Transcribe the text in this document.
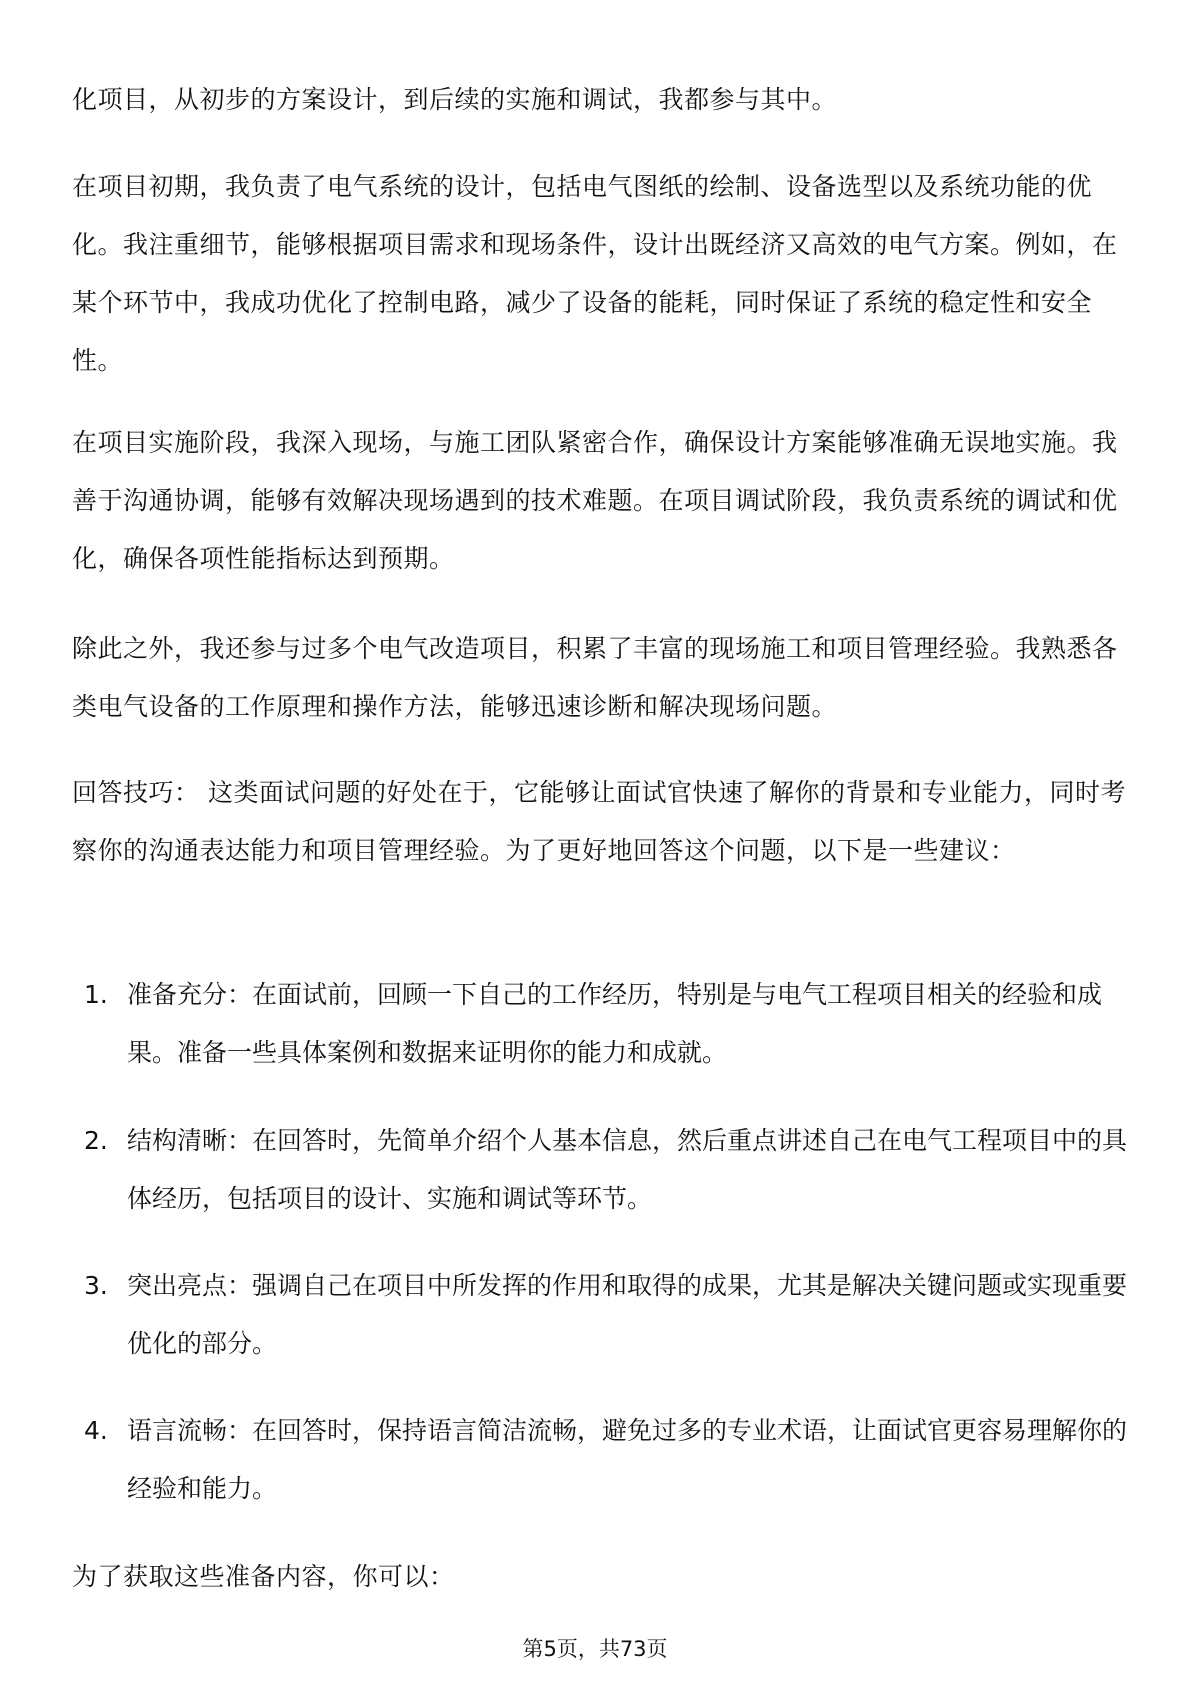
化项目，从初步的方案设计，到后续的实施和调试，我都参与其中。
在项目初期，我负责了电气系统的设计，包括电气图纸的绘制、设备选型以及系统功能的优化。我注重细节，能够根据项目需求和现场条件，设计出既经济又高效的电气方案。例如，在某个环节中，我成功优化了控制电路，减少了设备的能耗，同时保证了系统的稳定性和安全性。
在项目实施阶段，我深入现场，与施工团队紧密合作，确保设计方案能够准确无误地实施。我善于沟通协调，能够有效解决现场遇到的技术难题。在项目调试阶段，我负责系统的调试和优化，确保各项性能指标达到预期。
除此之外，我还参与过多个电气改造项目，积累了丰富的现场施工和项目管理经验。我熟悉各类电气设备的工作原理和操作方法，能够迅速诊断和解决现场问题。
回答技巧： 这类面试问题的好处在于，它能够让面试官快速了解你的背景和专业能力，同时考察你的沟通表达能力和项目管理经验。为了更好地回答这个问题，以下是一些建议：
1. 准备充分：在面试前，回顾一下自己的工作经历，特别是与电气工程项目相关的经验和成果。准备一些具体案例和数据来证明你的能力和成就。
2. 结构清晰：在回答时，先简单介绍个人基本信息，然后重点讲述自己在电气工程项目中的具体经历，包括项目的设计、实施和调试等环节。
3. 突出亮点：强调自己在项目中所发挥的作用和取得的成果，尤其是解决关键问题或实现重要优化的部分。
4. 语言流畅：在回答时，保持语言简洁流畅，避免过多的专业术语，让面试官更容易理解你的经验和能力。
为了获取这些准备内容，你可以：
第5页，共73页
